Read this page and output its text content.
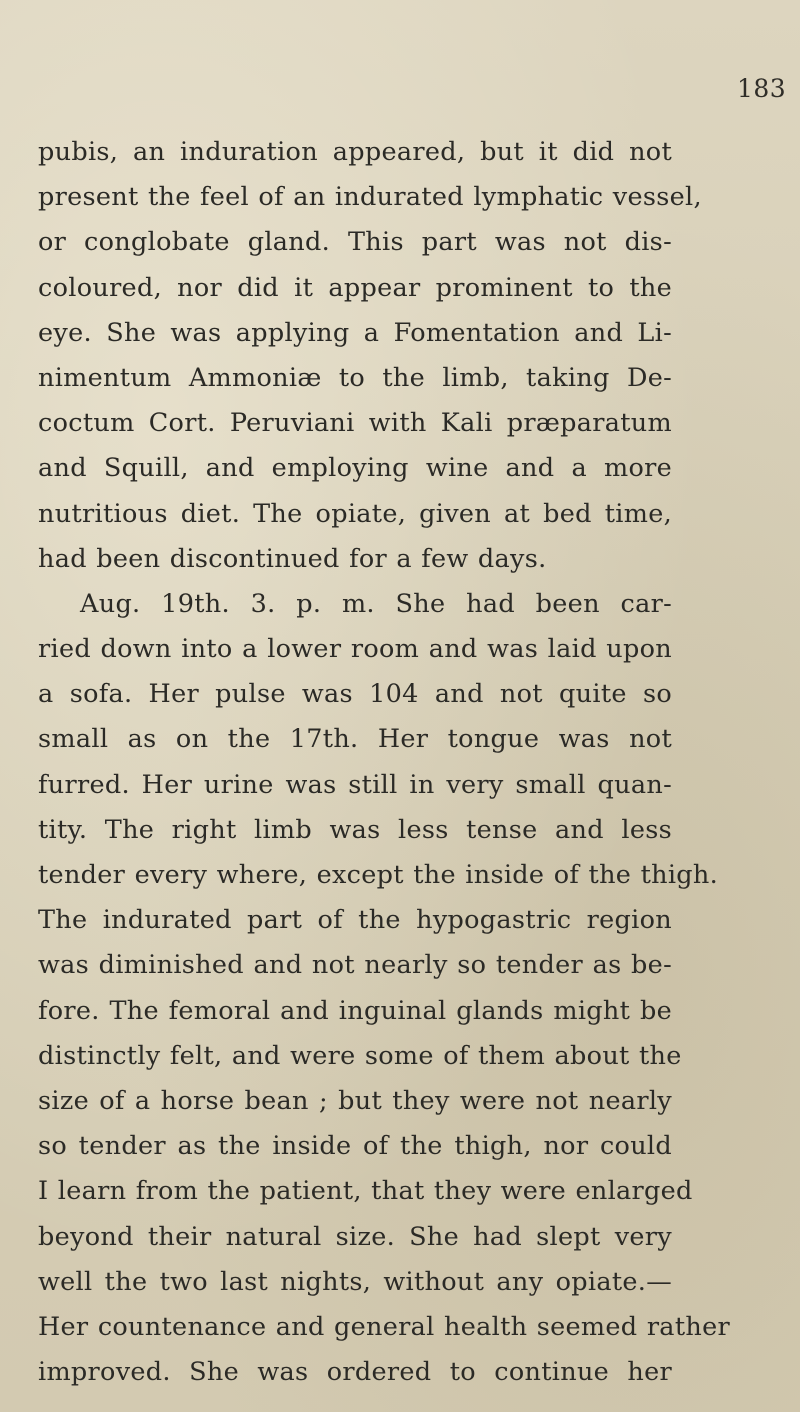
183
pubis, an induration appeared, but it did not
present the feel of an indurated lymphatic vessel,
or conglobate gland. This part was not dis-
coloured, nor did it appear prominent to the
eye. She was applying a Fomentation and Li-
nimentum Ammoniæ to the limb, taking De-
coctum Cort. Peruviani with Kali præparatum
and Squill, and employing wine and a more
nutritious diet. The opiate, given at bed time,
had been discontinued for a few days.
Aug. 19th. 3. p. m. She had been car-
ried down into a lower room and was laid upon
a sofa. Her pulse was 104 and not quite so
small as on the 17th. Her tongue was not
furred. Her urine was still in very small quan-
tity. The right limb was less tense and less
tender every where, except the inside of the thigh.
The indurated part of the hypogastric region
was diminished and not nearly so tender as be-
fore. The femoral and inguinal glands might be
distinctly felt, and were some of them about the
size of a horse bean ; but they were not nearly
so tender as the inside of the thigh, nor could
I learn from the patient, that they were enlarged
beyond their natural size. She had slept very
well the two last nights, without any opiate.—
Her countenance and general health seemed rather
improved. She was ordered to continue her
